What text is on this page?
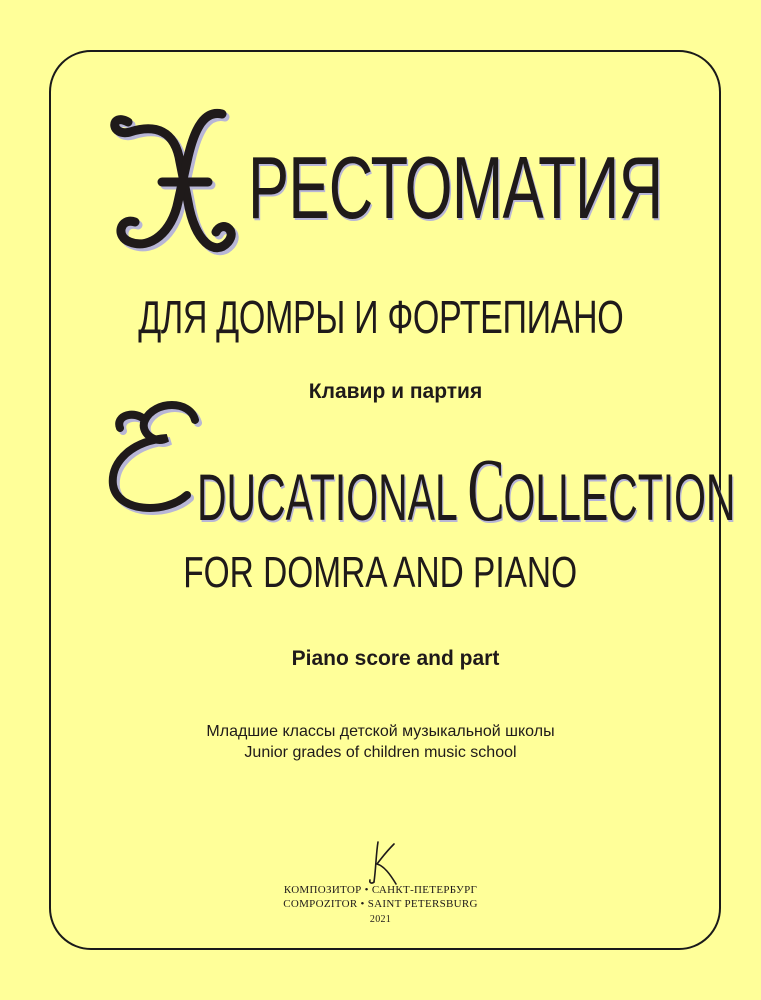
Х
РЕСТОМАТИЯ
ДЛЯ ДОМРЫ И ФОРТЕПИАНО
Клавир и партия
E
DUCATIONAL COLLECTION
FOR DOMRA AND PIANO
Piano score and part
Младшие классы детской музыкальной школы
Junior grades of children music school
КОМПОЗИТОР • САНКТ-ПЕТЕРБУРГ
COMPOZITOR • SAINT PETERSBURG
2021
